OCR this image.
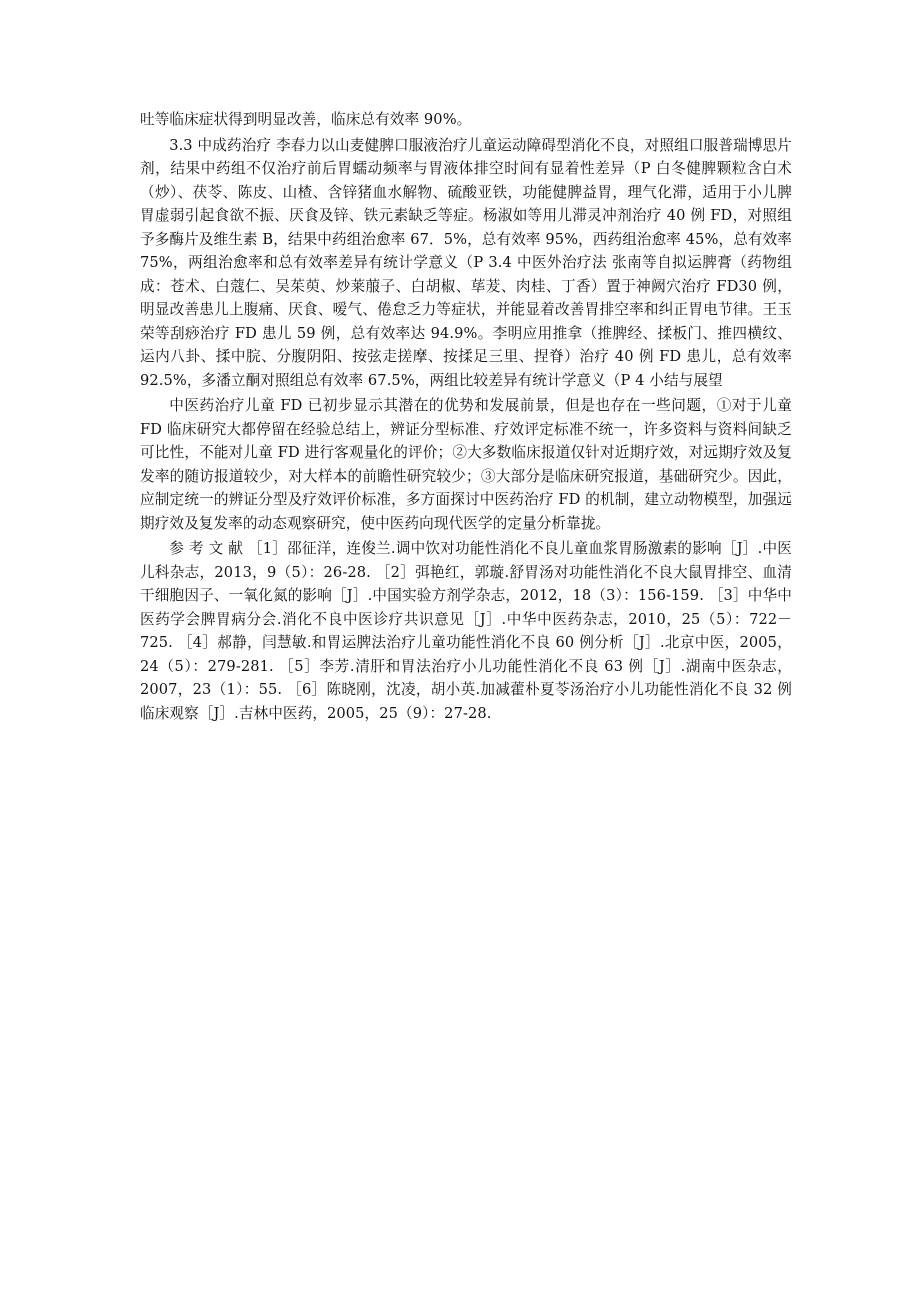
吐等临床症状得到明显改善，临床总有效率 90%。

3.3 中成药治疗 李春力以山麦健脾口服液治疗儿童运动障碍型消化不良，对照组口服普瑞博思片剂，结果中药组不仅治疗前后胃蠕动频率与胃液体排空时间有显着性差异（P 白冬健脾颗粒含白术（炒）、茯苓、陈皮、山楂、含锌猪血水解物、硫酸亚铁，功能健脾益胃，理气化滞，适用于小儿脾胃虚弱引起食欲不振、厌食及锌、铁元素缺乏等症。杨淑如等用儿滞灵冲剂治疗 40 例 FD，对照组予多酶片及维生素 B，结果中药组治愈率 67．5%，总有效率 95%，西药组治愈率 45%，总有效率 75%，两组治愈率和总有效率差异有统计学意义（P 3.4 中医外治疗法 张南等自拟运脾膏（药物组成：苍术、白蔻仁、吴茱萸、炒莱菔子、白胡椒、荜茇、肉桂、丁香）置于神阙穴治疗 FD30 例，明显改善患儿上腹痛、厌食、嗳气、倦怠乏力等症状，并能显着改善胃排空率和纠正胃电节律。王玉荣等刮痧治疗 FD 患儿 59 例，总有效率达 94.9%。李明应用推拿（推脾经、揉板门、推四横纹、运内八卦、揉中脘、分腹阴阳、按弦走搓摩、按揉足三里、捏脊）治疗 40 例 FD 患儿，总有效率 92.5%，多潘立酮对照组总有效率 67.5%，两组比较差异有统计学意义（P 4 小结与展望

中医药治疗儿童 FD 已初步显示其潜在的优势和发展前景，但是也存在一些问题，①对于儿童 FD 临床研究大都停留在经验总结上，辨证分型标准、疗效评定标准不统一，许多资料与资料间缺乏可比性，不能对儿童 FD 进行客观量化的评价；②大多数临床报道仅针对近期疗效，对远期疗效及复发率的随访报道较少，对大样本的前瞻性研究较少；③大部分是临床研究报道，基础研究少。因此，应制定统一的辨证分型及疗效评价标准，多方面探讨中医药治疗 FD 的机制，建立动物模型，加强远期疗效及复发率的动态观察研究，使中医药向现代医学的定量分析靠拢。

参 考 文 献 ［1］邵征洋，连俊兰.调中饮对功能性消化不良儿童血浆胃肠激素的影响［J］.中医儿科杂志，2013，9（5）：26-28. ［2］弭艳红，郭璇.舒胃汤对功能性消化不良大鼠胃排空、血清干细胞因子、一氧化氮的影响［J］.中国实验方剂学杂志，2012，18（3）：156-159. ［3］中华中医药学会脾胃病分会.消化不良中医诊疗共识意见［J］.中华中医药杂志，2010，25（5）：722－725. ［4］郝静，闫慧敏.和胃运脾法治疗儿童功能性消化不良 60 例分析［J］.北京中医，2005，24（5）：279-281. ［5］李芳.清肝和胃法治疗小儿功能性消化不良 63 例［J］.湖南中医杂志，2007，23（1）：55. ［6］陈晓刚，沈凌，胡小英.加减藿朴夏苓汤治疗小儿功能性消化不良 32 例临床观察［J］.吉林中医药，2005，25（9）：27-28.
